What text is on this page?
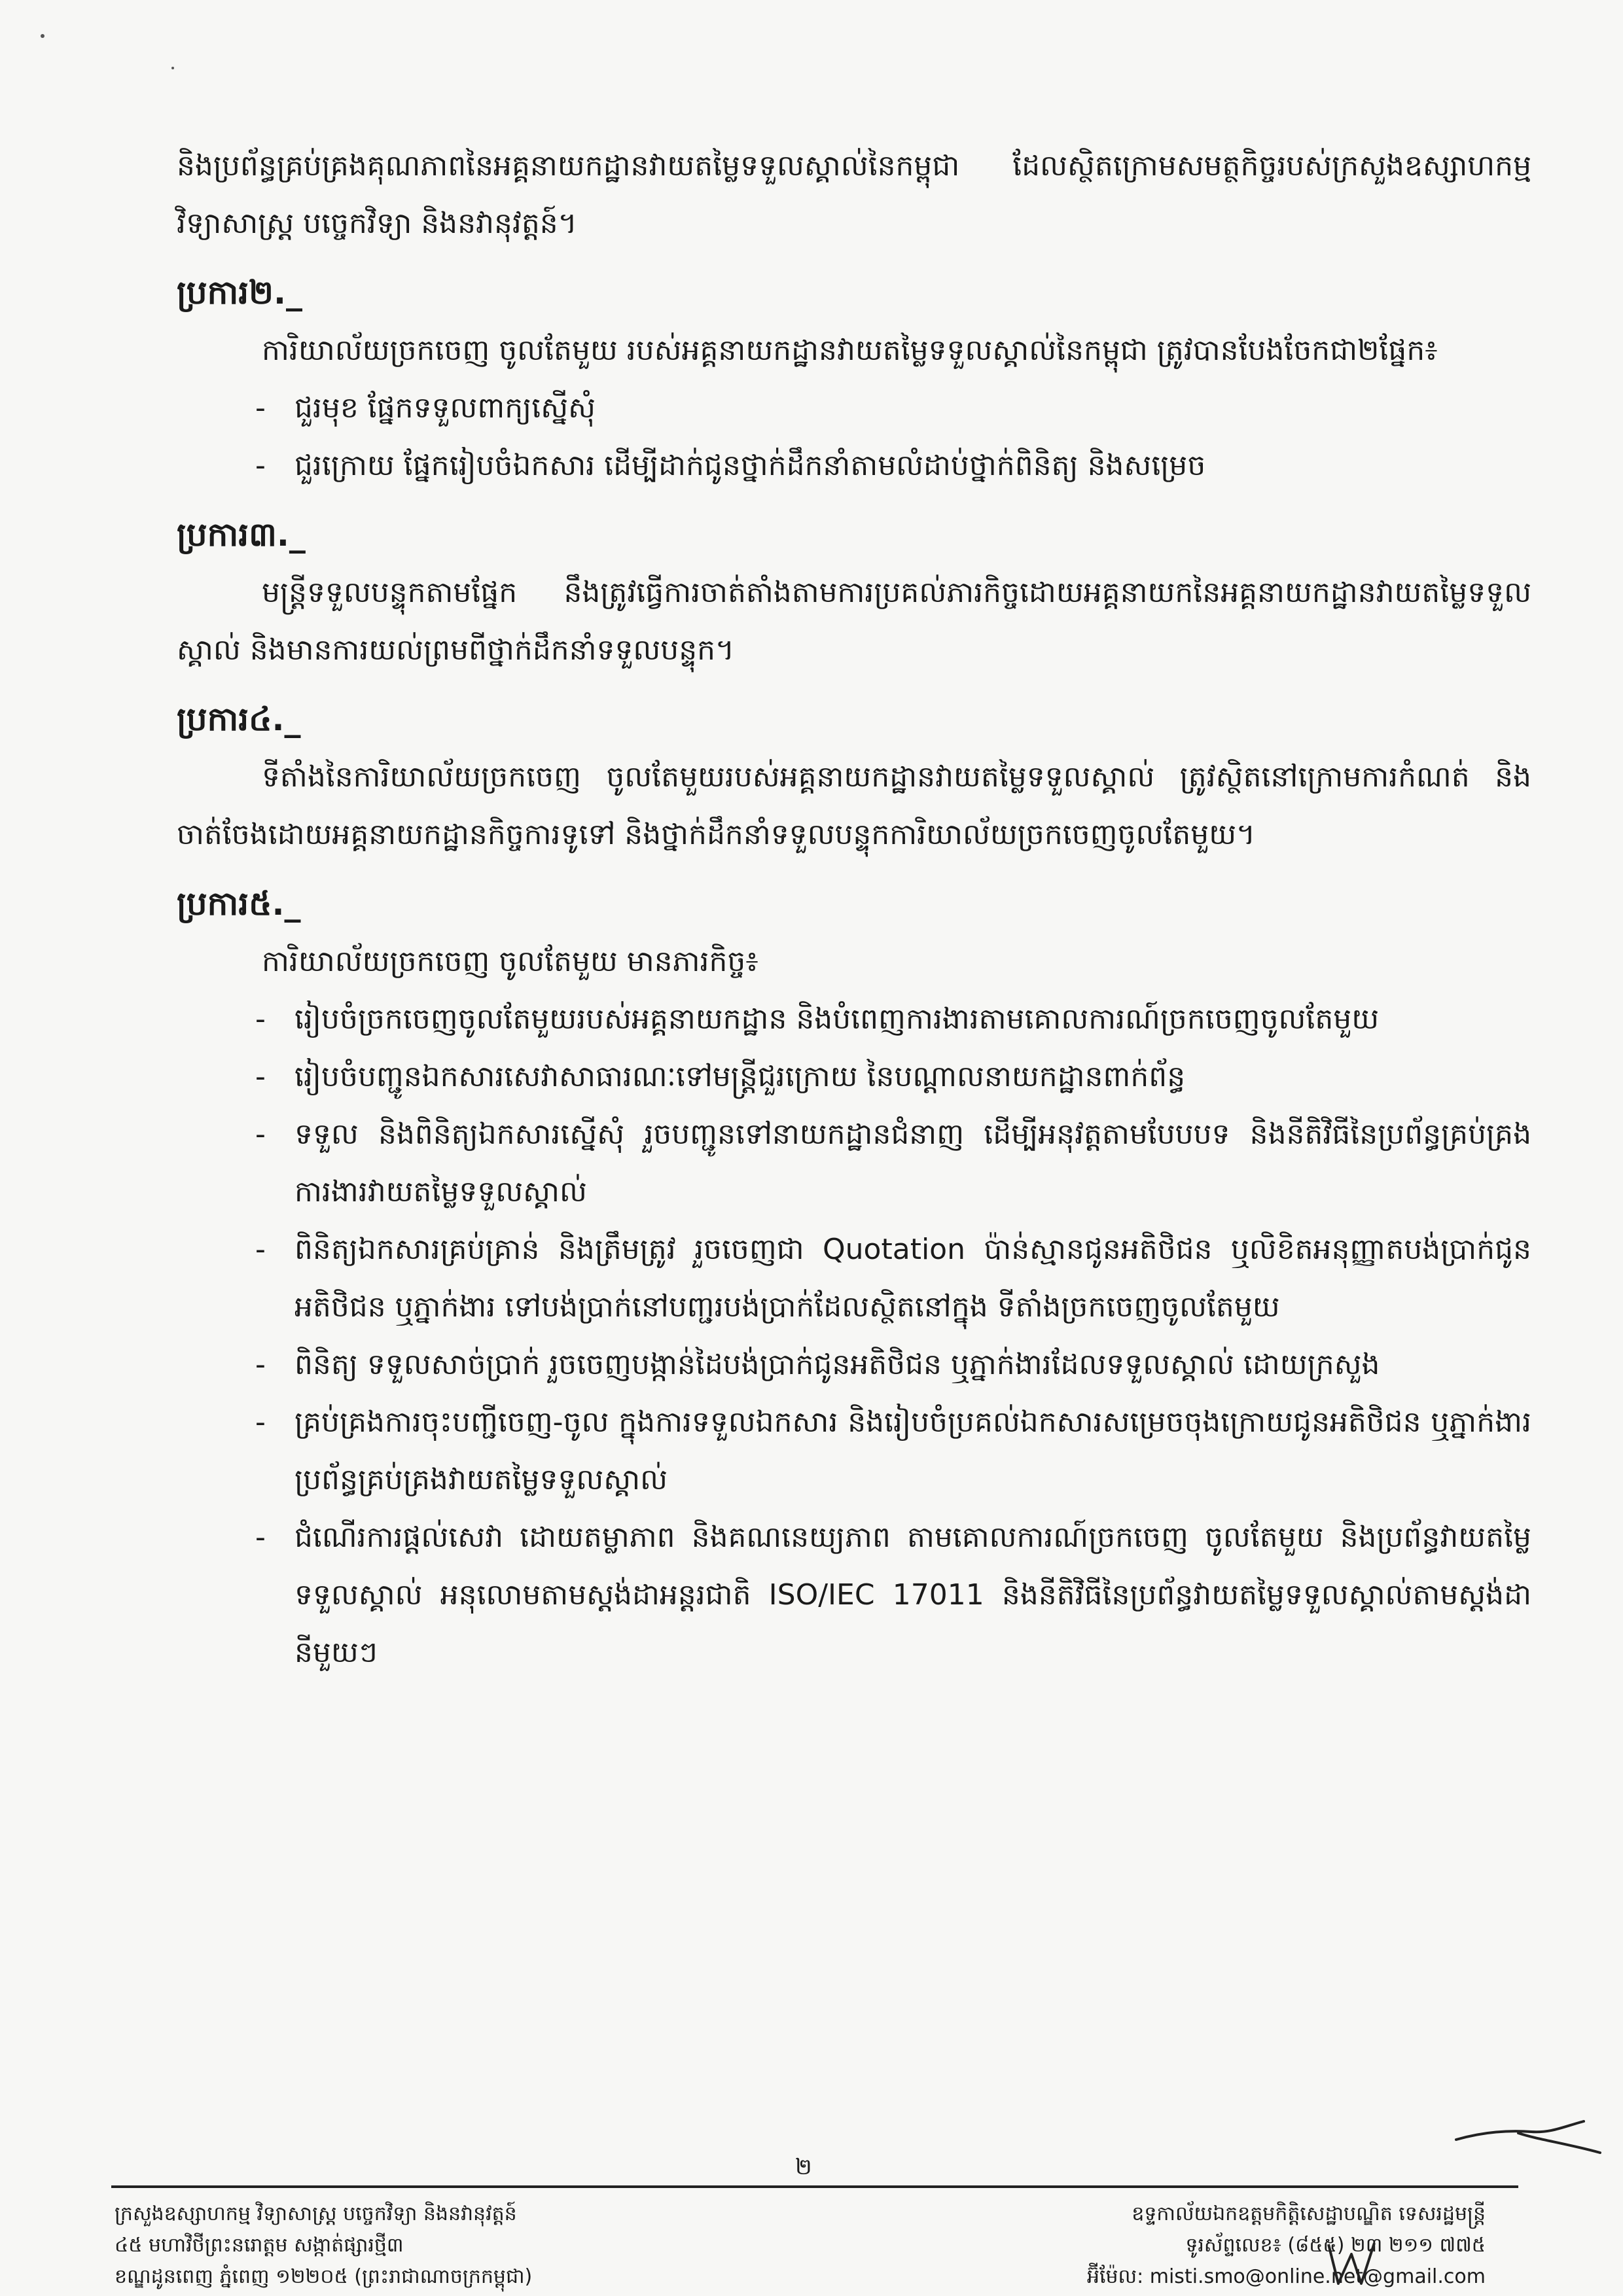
និងប្រព័ន្ធគ្រប់គ្រងគុណភាពនៃអគ្គនាយកដ្ឋានវាយតម្លៃទទួលស្គាល់នៃកម្ពុជា ដែលស្ថិតក្រោមសមត្ថកិច្ចរបស់ក្រសួងឧស្សាហកម្ម វិទ្យាសាស្ត្រ បច្ចេកវិទ្យា និងនវានុវត្តន៍។

ប្រការ២._

ការិយាល័យច្រកចេញ ចូលតែមួយ របស់អគ្គនាយកដ្ឋានវាយតម្លៃទទួលស្គាល់នៃកម្ពុជា ត្រូវបានបែងចែកជា២ផ្នែក៖

- ជួរមុខ ផ្នែកទទួលពាក្យស្នើសុំ
- ជួរក្រោយ ផ្នែករៀបចំឯកសារ ដើម្បីដាក់ជូនថ្នាក់ដឹកនាំតាមលំដាប់ថ្នាក់ពិនិត្យ និងសម្រេច
ប្រការ៣._

មន្ត្រីទទួលបន្ទុកតាមផ្នែក នឹងត្រូវធ្វើការចាត់តាំងតាមការប្រគល់ភារកិច្ចដោយអគ្គនាយកនៃអគ្គនាយកដ្ឋានវាយតម្លៃទទួលស្គាល់ និងមានការយល់ព្រមពីថ្នាក់ដឹកនាំទទួលបន្ទុក។

ប្រការ៤._

ទីតាំងនៃការិយាល័យច្រកចេញ ចូលតែមួយរបស់អគ្គនាយកដ្ឋានវាយតម្លៃទទួលស្គាល់ ត្រូវស្ថិតនៅក្រោមការកំណត់ និងចាត់ចែងដោយអគ្គនាយកដ្ឋានកិច្ចការទូទៅ និងថ្នាក់ដឹកនាំទទួលបន្ទុកការិយាល័យច្រកចេញចូលតែមួយ។

ប្រការ៥._

ការិយាល័យច្រកចេញ ចូលតែមួយ មានភារកិច្ច៖

- រៀបចំច្រកចេញចូលតែមួយរបស់អគ្គនាយកដ្ឋាន និងបំពេញការងារតាមគោលការណ៍ច្រកចេញចូលតែមួយ
- រៀបចំបញ្ជូនឯកសារសេវាសាធារណៈទៅមន្ត្រីជួរក្រោយ នៃបណ្ដាលនាយកដ្ឋានពាក់ព័ន្ធ
- ទទួល និងពិនិត្យឯកសារស្នើសុំ រួចបញ្ជូនទៅនាយកដ្ឋានជំនាញ ដើម្បីអនុវត្តតាមបែបបទ និងនីតិវិធីនៃប្រព័ន្ធគ្រប់គ្រងការងារវាយតម្លៃទទួលស្គាល់
- ពិនិត្យឯកសារគ្រប់គ្រាន់ និងត្រឹមត្រូវ រួចចេញជា Quotation ប៉ាន់ស្មានជូនអតិថិជន ឬលិខិតអនុញ្ញាតបង់ប្រាក់ជូនអតិថិជន ឬភ្នាក់ងារ ទៅបង់ប្រាក់នៅបញ្ជរបង់ប្រាក់ដែលស្ថិតនៅក្នុង ទីតាំងច្រកចេញចូលតែមួយ
- ពិនិត្យ ទទួលសាច់ប្រាក់ រួចចេញបង្កាន់ដៃបង់ប្រាក់ជូនអតិថិជន ឬភ្នាក់ងារដែលទទួលស្គាល់ ដោយក្រសួង
- គ្រប់គ្រងការចុះបញ្ជីចេញ-ចូល ក្នុងការទទួលឯកសារ និងរៀបចំប្រគល់ឯកសារសម្រេចចុងក្រោយជូនអតិថិជន ឬភ្នាក់ងារប្រព័ន្ធគ្រប់គ្រងវាយតម្លៃទទួលស្គាល់
- ជំណើរការផ្ដល់សេវា ដោយតម្លាភាព និងគណនេយ្យភាព តាមគោលការណ៍ច្រកចេញ ចូលតែមួយ និងប្រព័ន្ធវាយតម្លៃទទួលស្គាល់ អនុលោមតាមស្តង់ដាអន្តរជាតិ ISO/IEC 17011 និងនីតិវិធីនៃប្រព័ន្ធវាយតម្លៃទទួលស្គាល់តាមស្តង់ដានីមួយៗ
២
ក្រសួងឧស្សាហកម្ម វិទ្យាសាស្ត្រ បច្ចេកវិទ្យា និងនវានុវត្តន៍
៤៥ មហាវិថីព្រះនរោត្តម សង្កាត់ផ្សារថ្មី៣
ខណ្ឌដូនពេញ ភ្នំពេញ ១២២០៥ (ព្រះរាជាណាចក្រកម្ពុជា)
ឧទ្ទកាល័យឯកឧត្តមកិត្តិសេដ្ឋាបណ្ឌិត ទេសរដ្ឋមន្ត្រី
ទូរស័ព្ទលេខ៖ (៨៥៥) ២៣ ២១១ ៧៧៥
អ៊ីម៉ែល: misti.smo@online.net@gmail.com
